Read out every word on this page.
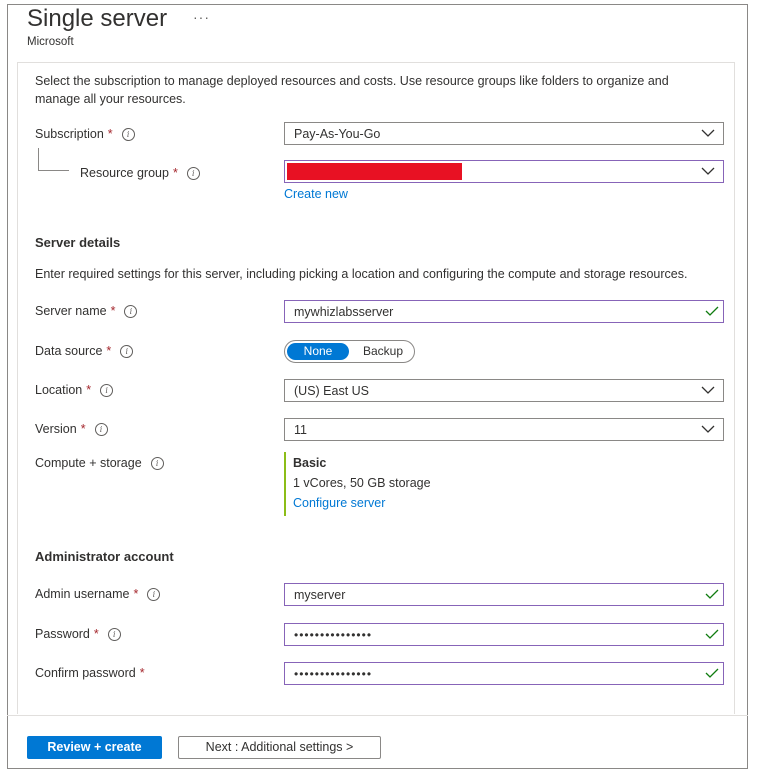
Single server ···
Microsoft
Select the subscription to manage deployed resources and costs. Use resource groups like folders to organize and manage all your resources.
Subscription * i	Pay-As-You-Go
Resource group * i
Create new
Server details
Enter required settings for this server, including picking a location and configuring the compute and storage resources.
Server name * i	mywhizlabsserver
Data source * i	None	Backup
Location * i	(US) East US
Version * i	11
Compute + storage i	Basic
1 vCores, 50 GB storage
Configure server
Administrator account
Admin username * i	myserver
Password * i	•••••••••••••••
Confirm password *	•••••••••••••••
Review + create	Next : Additional settings >
